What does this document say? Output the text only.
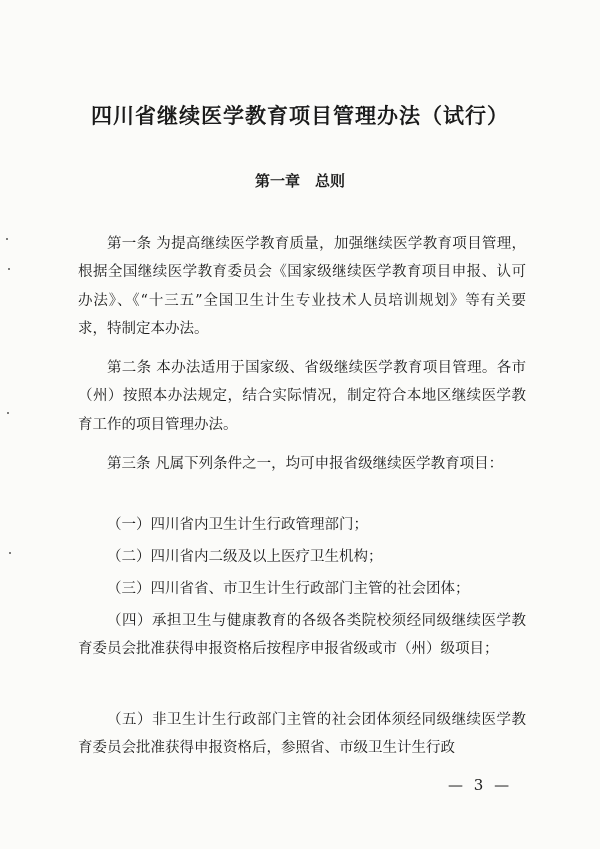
四川省继续医学教育项目管理办法（试行）
第一章　总则

第一条 为提高继续医学教育质量，加强继续医学教育项目管理，根据全国继续医学教育委员会《国家级继续医学教育项目申报、认可办法》、《“十三五”全国卫生计生专业技术人员培训规划》等有关要求，特制定本办法。

第二条 本办法适用于国家级、省级继续医学教育项目管理。各市（州）按照本办法规定，结合实际情况，制定符合本地区继续医学教育工作的项目管理办法。

第三条 凡属下列条件之一，均可申报省级继续医学教育项目：

（一）四川省内卫生计生行政管理部门；

（二）四川省内二级及以上医疗卫生机构；

（三）四川省省、市卫生计生行政部门主管的社会团体；

（四）承担卫生与健康教育的各级各类院校须经同级继续医学教育委员会批准获得申报资格后按程序申报省级或市（州）级项目；

（五）非卫生计生行政部门主管的社会团体须经同级继续医学教育委员会批准获得申报资格后，参照省、市级卫生计生行政

— 3 —
